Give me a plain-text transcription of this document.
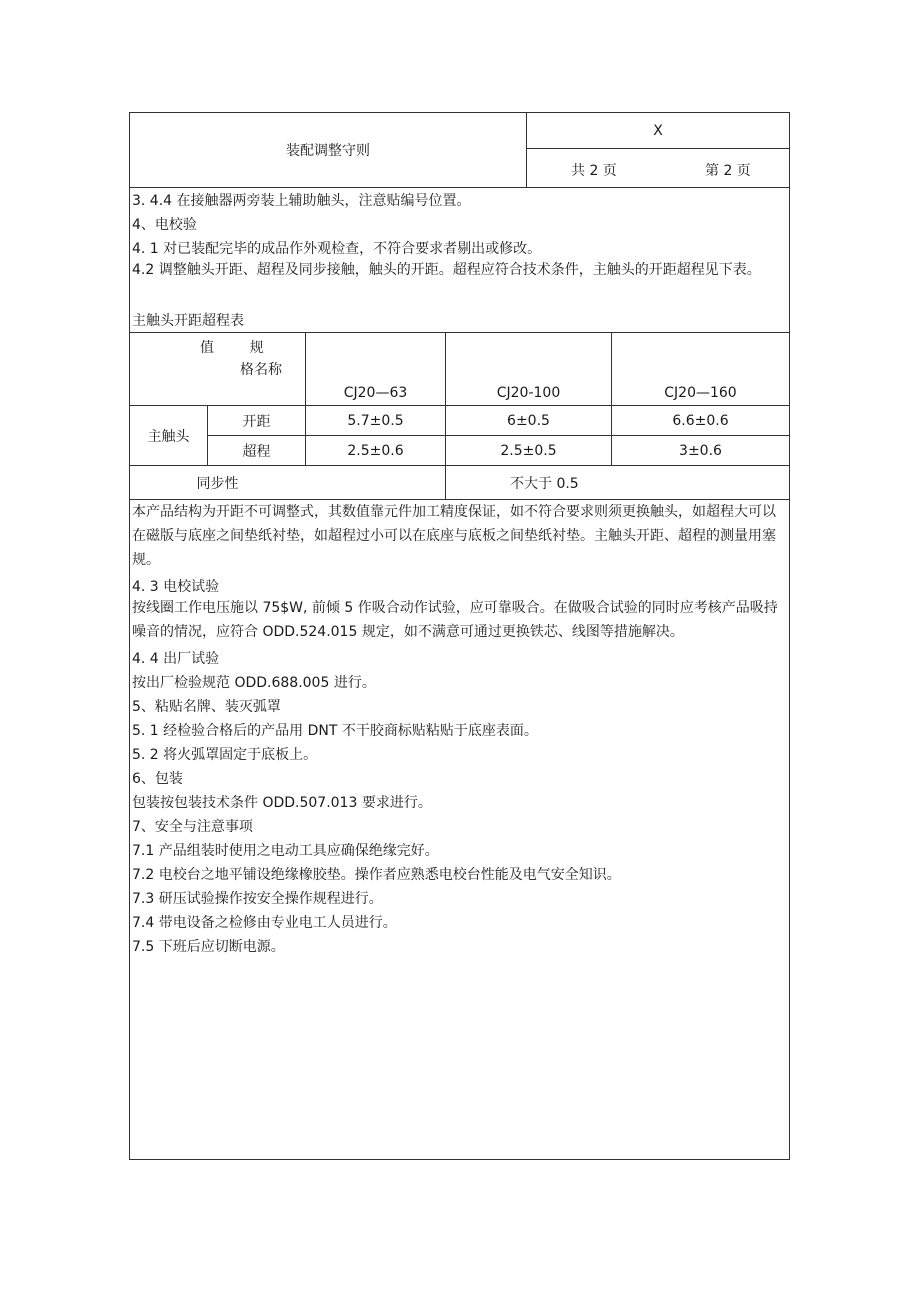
装配调整守则
X
共 2 页	第 2 页
3. 4.4 在接触器两旁装上辅助触头，注意贴编号位置。
4、电校验
4. 1 对已装配完毕的成品作外观检查，不符合要求者剔出或修改。
4.2 调整触头开距、超程及同步接触，触头的开距。超程应符合技术条件，主触头的开距超程见下表。
主触头开距超程表
值        规
格名称
CJ20—63	CJ20-100	CJ20—160
主触头
开距	5.7±0.5	6±0.5	6.6±0.6
超程	2.5±0.6	2.5±0.5	3±0.6
同步性	不大于 0.5
本产品结构为开距不可调整式，其数值靠元件加工精度保证，如不符合要求则须更换触头，如超程大可以在磁版与底座之间垫纸衬垫，如超程过小可以在底座与底板之间垫纸衬垫。主触头开距、超程的测量用塞规。
4. 3 电校试验
按线圈工作电压施以 75$W, 前倾 5 作吸合动作试验，应可靠吸合。在做吸合试验的同时应考核产品吸持噪音的情况，应符合 ODD.524.015 规定，如不满意可通过更换铁芯、线图等措施解决。
4. 4 出厂试验
按出厂检验规范 ODD.688.005 进行。
5、粘贴名牌、装灭弧罩
5. 1 经检验合格后的产品用 DNT 不干胶商标贴粘贴于底座表面。
5. 2 将火弧罩固定于底板上。
6、包装
包装按包装技术条件 ODD.507.013 要求进行。
7、安全与注意事项
7.1 产品组装时使用之电动工具应确保绝缘完好。
7.2 电校台之地平铺设绝缘橡胶垫。操作者应熟悉电校台性能及电气安全知识。
7.3 研压试验操作按安全操作规程进行。
7.4 带电设备之检修由专业电工人员进行。
7.5 下班后应切断电源。
